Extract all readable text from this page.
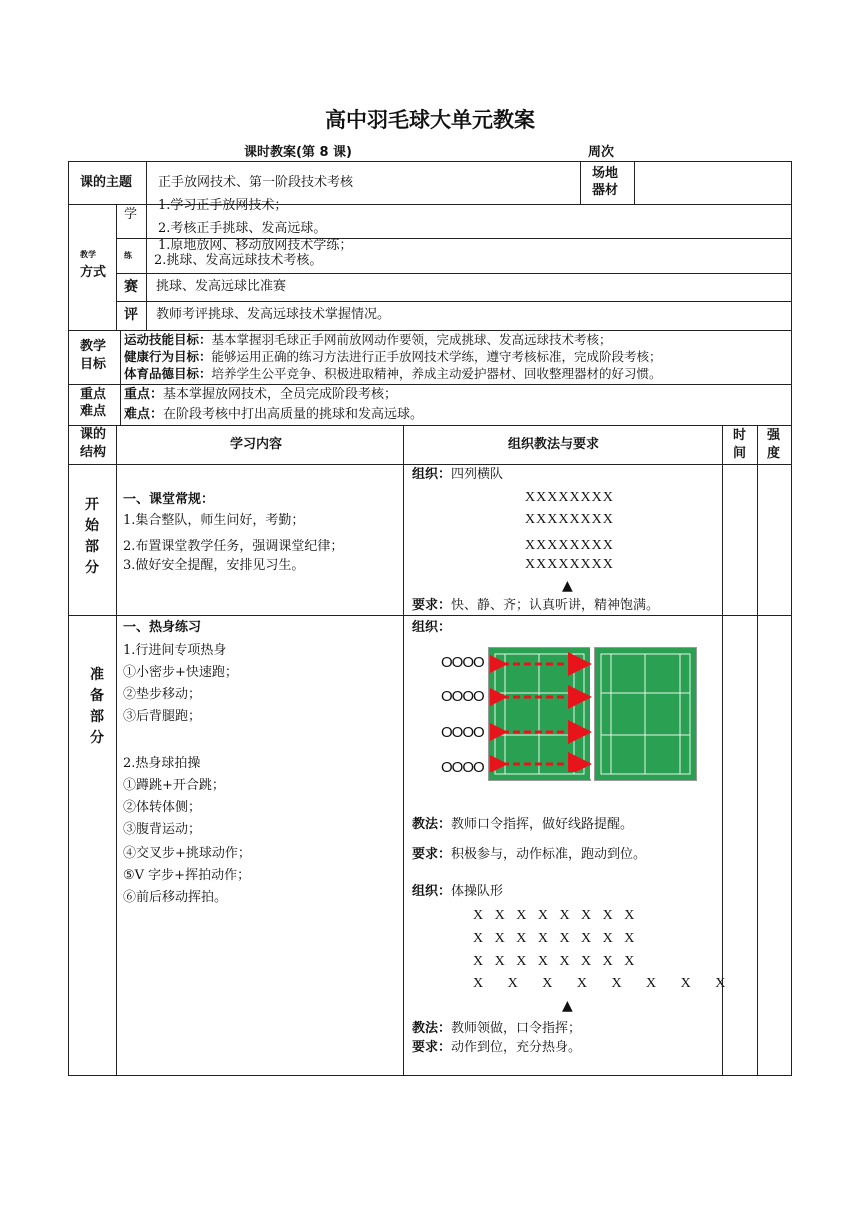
高中羽毛球大单元教案
课时教案(第 8 课)	周次
课的主题 正手放网技术、第一阶段技术考核
场地器材
教学
方式
学
1.学习正手放网技术；
2.考核正手挑球、发高远球。
练
1.原地放网、移动放网技术学练；
2.挑球、发高远球技术考核。
赛 挑球、发高远球比准赛
评 教师考评挑球、发高远球技术掌握情况。
教学
目标
运动技能目标：基本掌握羽毛球正手网前放网动作要领，完成挑球、发高远球技术考核；
健康行为目标：能够运用正确的练习方法进行正手放网技术学练，遵守考核标准，完成阶段考核；
体育品德目标：培养学生公平竞争、积极进取精神，养成主动爱护器材、回收整理器材的好习惯。
重点
难点
重点：基本掌握放网技术，全员完成阶段考核；
难点：在阶段考核中打出高质量的挑球和发高远球。
课的
结构
学习内容	组织教法与要求
时
间
强
度
开
始
部
分
一、课堂常规：
1.集合整队，师生问好，考勤；
2.布置课堂教学任务，强调课堂纪律；
3.做好安全提醒，安排见习生。
组织：四列横队
XXXXXXXX
XXXXXXXX
XXXXXXXX
XXXXXXXX
▲
要求：快、静、齐；认真听讲，精神饱满。
准
备
部
分
一、热身练习
1.行进间专项热身
①小密步+快速跑；
②垫步移动；
③后背腿跑；
2.热身球拍操
①蹲跳+开合跳；
②体转体侧；
③腹背运动；
④交叉步+挑球动作；
⑤V 字步+挥拍动作；
⑥前后移动挥拍。
组织：
OOOO
OOOO
OOOO
OOOO
教法：教师口令指挥，做好线路提醒。
要求：积极参与，动作标准，跑动到位。
组织：体操队形
X X X X X X X X
X X X X X X X X
X X X X X X X X
X X X X X X X X
▲
教法：教师领做，口令指挥；
要求：动作到位，充分热身。
